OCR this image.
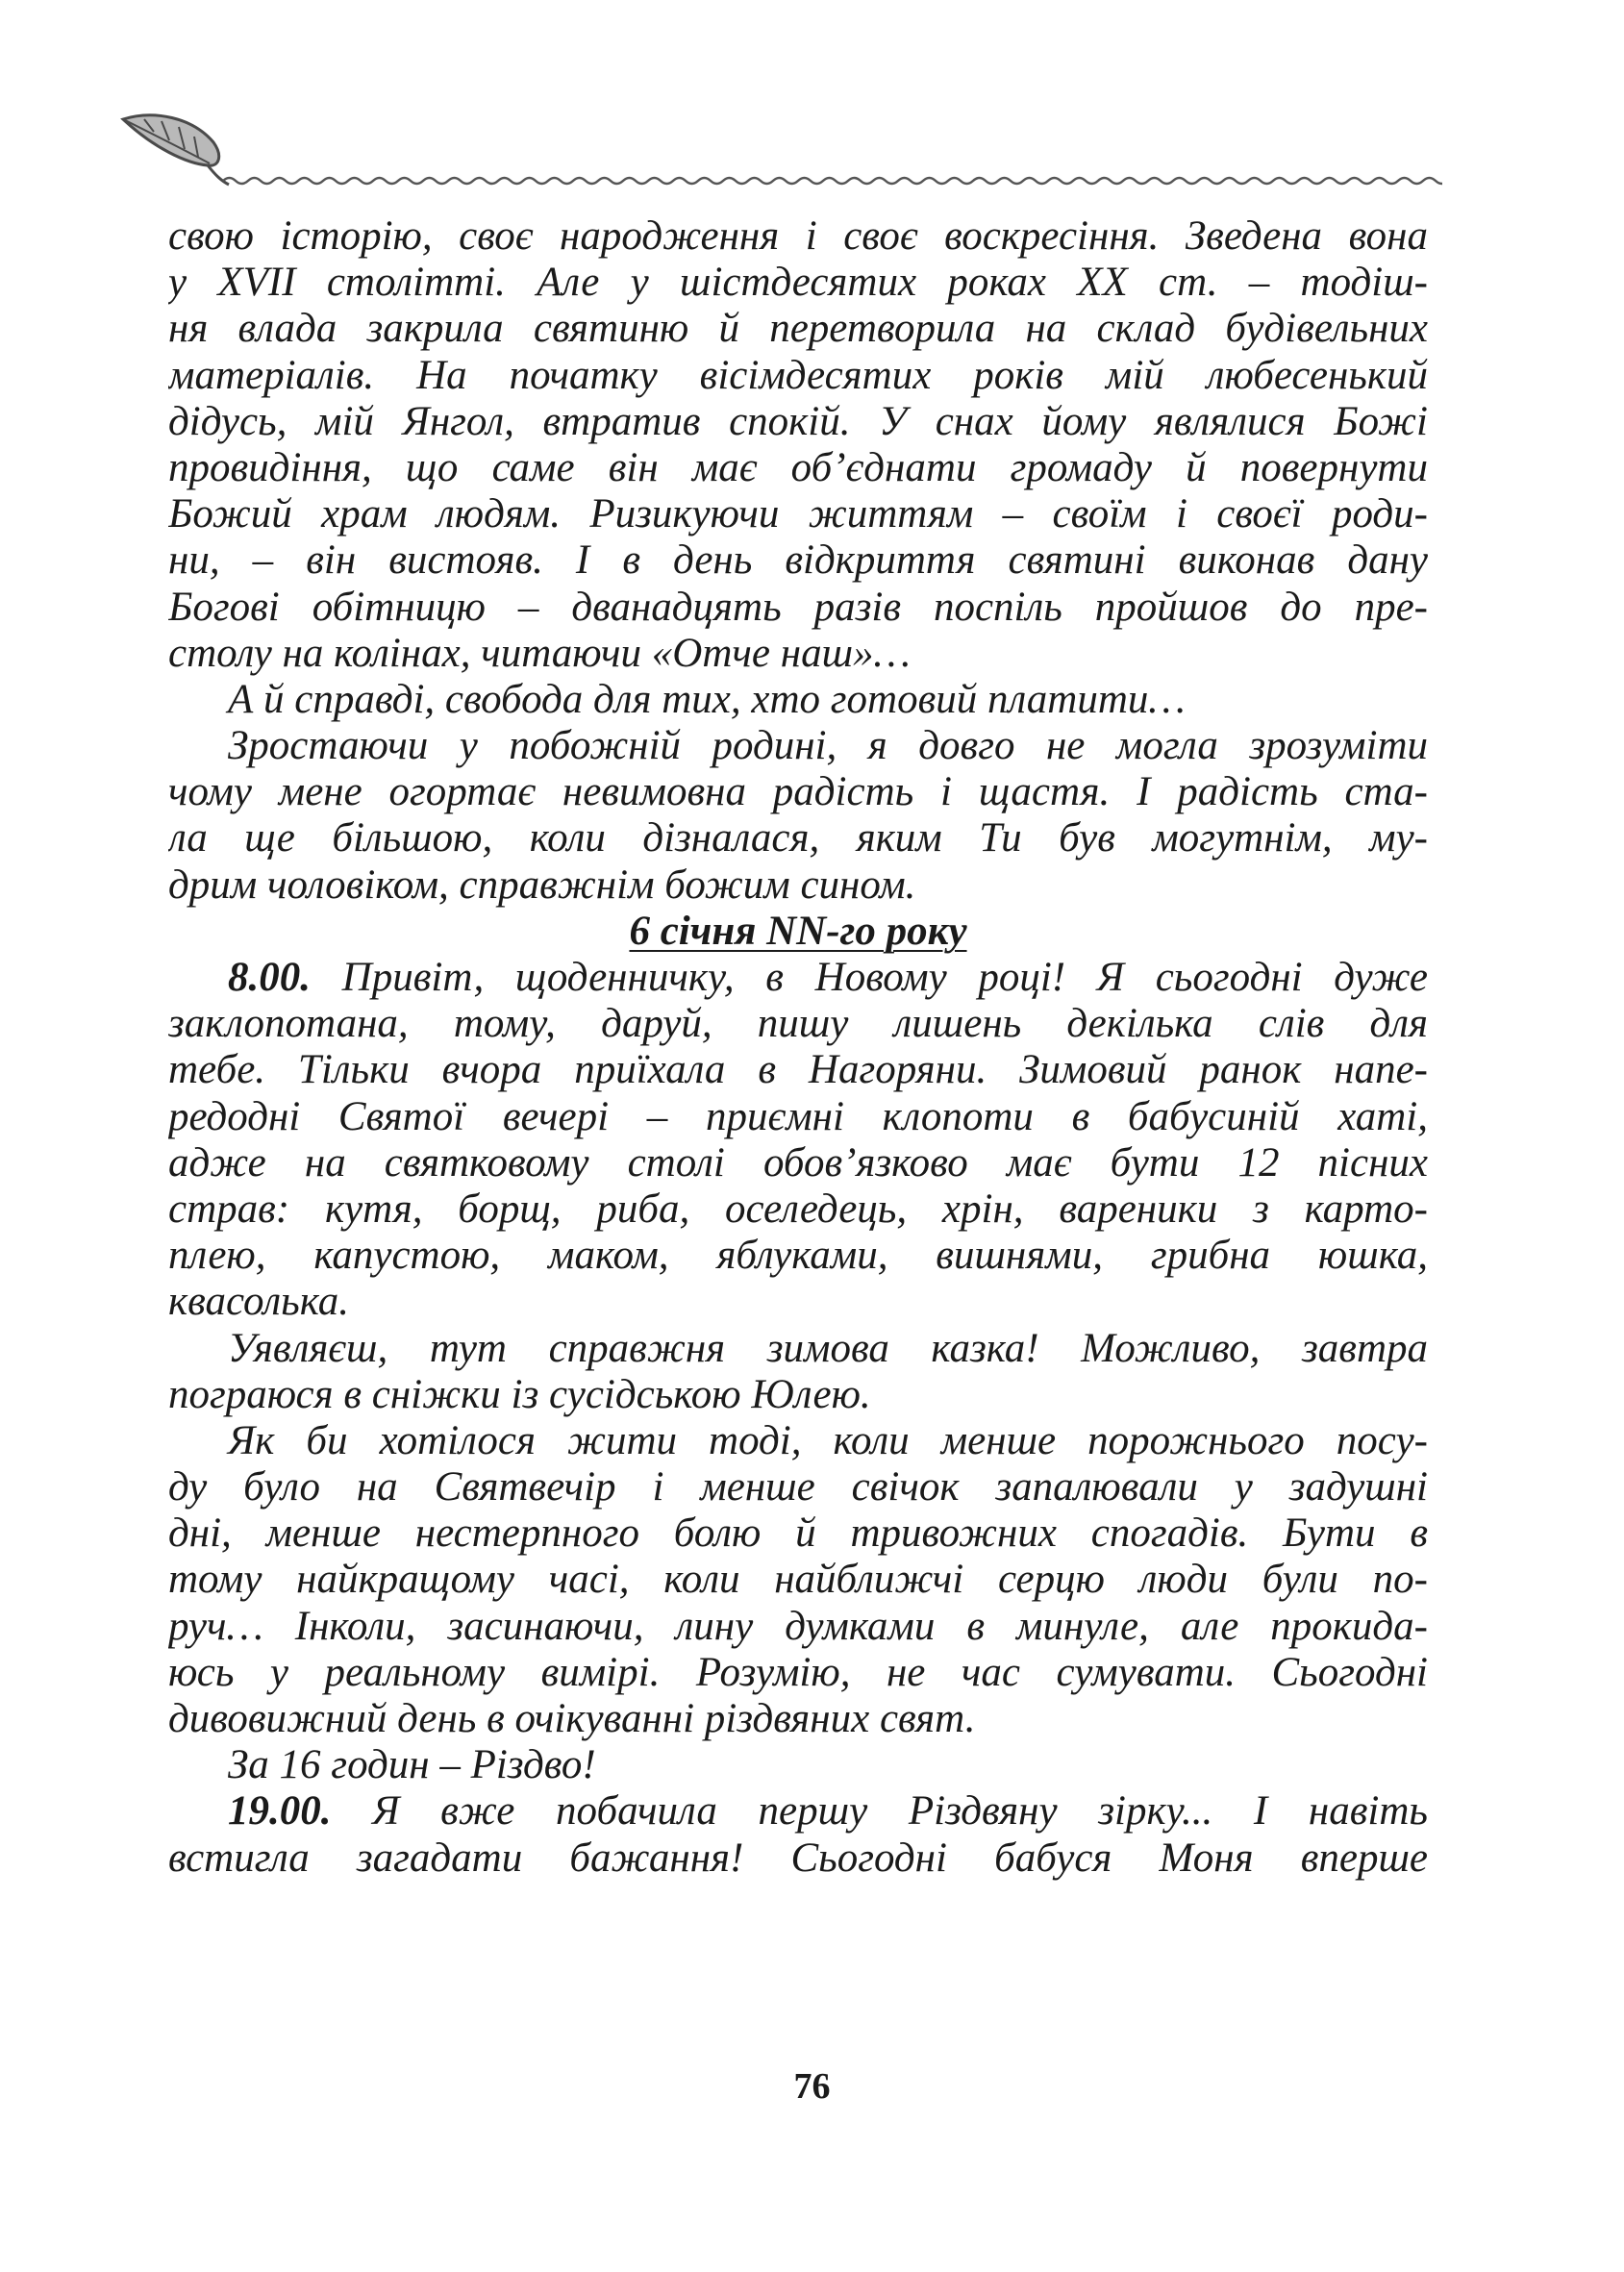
свою історію, своє народження і своє воскресіння. Зведена вона
у XVII столітті. Але у шістдесятих роках XX ст. – тодіш-
ня влада закрила святиню й перетворила на склад будівельних
матеріалів. На початку вісімдесятих років мій любесенький
дідусь, мій Янгол, втратив спокій. У снах йому являлися Божі
провидіння, що саме він має об’єднати громаду й повернути
Божий храм людям. Ризикуючи життям – своїм і своєї роди-
ни, – він вистояв. І в день відкриття святині виконав дану
Богові обітницю – дванадцять разів поспіль пройшов до пре-
столу на колінах, читаючи «Отче наш»…
А й справді, свобода для тих, хто готовий платити…
Зростаючи у побожній родині, я довго не могла зрозуміти
чому мене огортає невимовна радість і щастя. І радість ста-
ла ще більшою, коли дізналася, яким Ти був могутнім, му-
дрим чоловіком, справжнім божим сином.
6 січня NN-го року
8.00. Привіт, щоденничку, в Новому році! Я сьогодні дуже
заклопотана, тому, даруй, пишу лишень декілька слів для
тебе. Тільки вчора приїхала в Нагоряни. Зимовий ранок напе-
редодні Святої вечері – приємні клопоти в бабусиній хаті,
адже на святковому столі обов’язково має бути 12 пісних
страв: кутя, борщ, риба, оселедець, хрін, вареники з карто-
плею, капустою, маком, яблуками, вишнями, грибна юшка,
квасолька.
Уявляєш, тут справжня зимова казка! Можливо, завтра
пограюся в сніжки із сусідською Юлею.
Як би хотілося жити тоді, коли менше порожнього посу-
ду було на Святвечір і менше свічок запалювали у задушні
дні, менше нестерпного болю й тривожних спогадів. Бути в
тому найкращому часі, коли найближчі серцю люди були по-
руч… Інколи, засинаючи, лину думками в минуле, але прокида-
юсь у реальному вимірі. Розумію, не час сумувати. Сьогодні
дивовижний день в очікуванні різдвяних свят.
За 16 годин – Різдво!
19.00. Я вже побачила першу Різдвяну зірку... І навіть
встигла загадати бажання! Сьогодні бабуся Моня вперше
76
